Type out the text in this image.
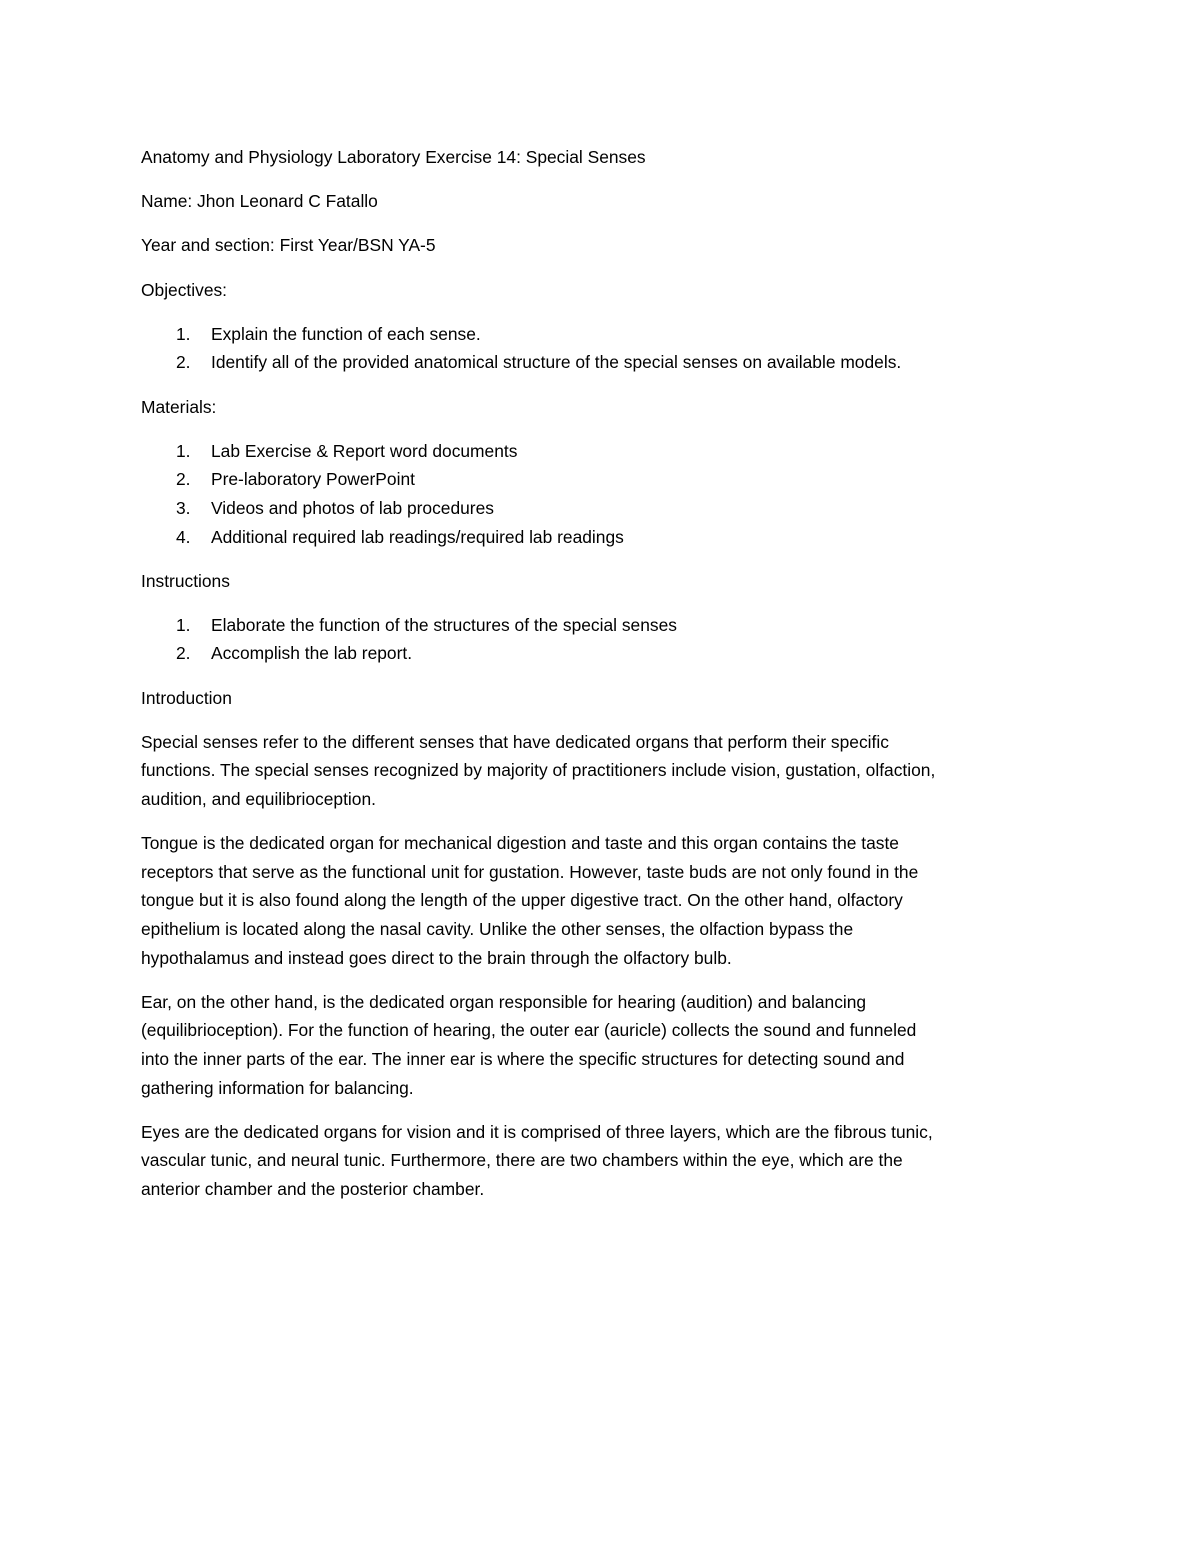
Anatomy and Physiology Laboratory Exercise 14: Special Senses

Name: Jhon Leonard C Fatallo

Year and section: First Year/BSN YA-5

Objectives:

1. Explain the function of each sense.
2. Identify all of the provided anatomical structure of the special senses on available models.

Materials:

1. Lab Exercise & Report word documents
2. Pre-laboratory PowerPoint
3. Videos and photos of lab procedures
4. Additional required lab readings/required lab readings

Instructions

1. Elaborate the function of the structures of the special senses
2. Accomplish the lab report.

Introduction

Special senses refer to the different senses that have dedicated organs that perform their specific
functions. The special senses recognized by majority of practitioners include vision, gustation, olfaction,
audition, and equilibrioception.
Tongue is the dedicated organ for mechanical digestion and taste and this organ contains the taste
receptors that serve as the functional unit for gustation. However, taste buds are not only found in the
tongue but it is also found along the length of the upper digestive tract. On the other hand, olfactory
epithelium is located along the nasal cavity. Unlike the other senses, the olfaction bypass the
hypothalamus and instead goes direct to the brain through the olfactory bulb.
Ear, on the other hand, is the dedicated organ responsible for hearing (audition) and balancing
(equilibrioception). For the function of hearing, the outer ear (auricle) collects the sound and funneled
into the inner parts of the ear. The inner ear is where the specific structures for detecting sound and
gathering information for balancing.
Eyes are the dedicated organs for vision and it is comprised of three layers, which are the fibrous tunic,
vascular tunic, and neural tunic. Furthermore, there are two chambers within the eye, which are the
anterior chamber and the posterior chamber.
